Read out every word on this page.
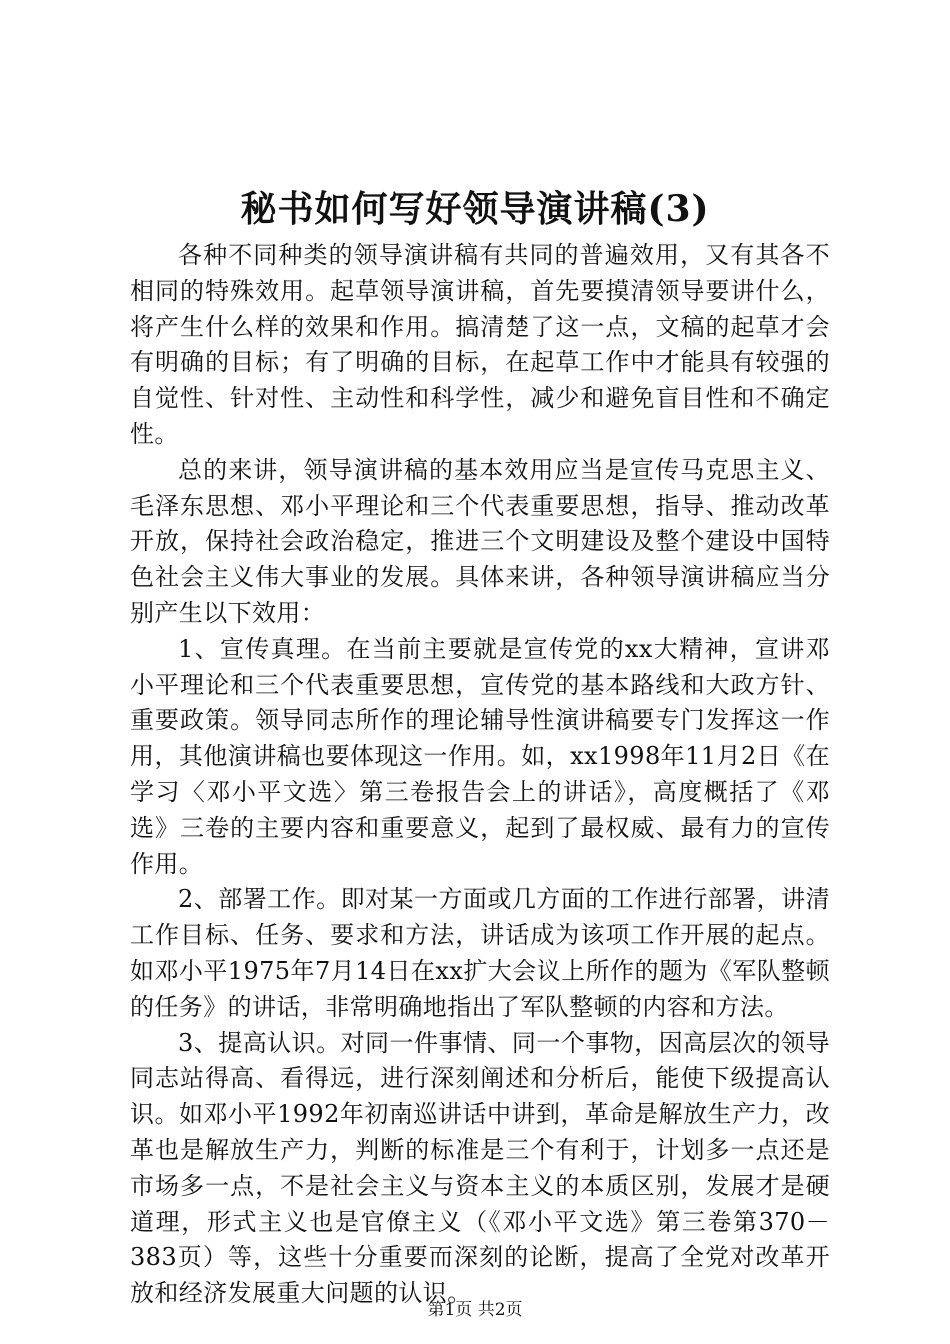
秘书如何写好领导演讲稿(3)

各种不同种类的领导演讲稿有共同的普遍效用，又有其各不相同的特殊效用。起草领导演讲稿，首先要摸清领导要讲什么，将产生什么样的效果和作用。搞清楚了这一点，文稿的起草才会有明确的目标；有了明确的目标，在起草工作中才能具有较强的自觉性、针对性、主动性和科学性，减少和避免盲目性和不确定性。

总的来讲，领导演讲稿的基本效用应当是宣传马克思主义、毛泽东思想、邓小平理论和三个代表重要思想，指导、推动改革开放，保持社会政治稳定，推进三个文明建设及整个建设中国特色社会主义伟大事业的发展。具体来讲，各种领导演讲稿应当分别产生以下效用：

1、宣传真理。在当前主要就是宣传党的xx大精神，宣讲邓小平理论和三个代表重要思想，宣传党的基本路线和大政方针、重要政策。领导同志所作的理论辅导性演讲稿要专门发挥这一作用，其他演讲稿也要体现这一作用。如，xx1998年11月2日《在学习〈邓小平文选〉第三卷报告会上的讲话》，高度概括了《邓选》三卷的主要内容和重要意义，起到了最权威、最有力的宣传作用。

2、部署工作。即对某一方面或几方面的工作进行部署，讲清工作目标、任务、要求和方法，讲话成为该项工作开展的起点。如邓小平1975年7月14日在xx扩大会议上所作的题为《军队整顿的任务》的讲话，非常明确地指出了军队整顿的内容和方法。

3、提高认识。对同一件事情、同一个事物，因高层次的领导同志站得高、看得远，进行深刻阐述和分析后，能使下级提高认识。如邓小平1992年初南巡讲话中讲到，革命是解放生产力，改革也是解放生产力，判断的标准是三个有利于，计划多一点还是市场多一点，不是社会主义与资本主义的本质区别，发展才是硬道理，形式主义也是官僚主义（《邓小平文选》第三卷第370－383页）等，这些十分重要而深刻的论断，提高了全党对改革开放和经济发展重大问题的认识。

第1页 共2页
